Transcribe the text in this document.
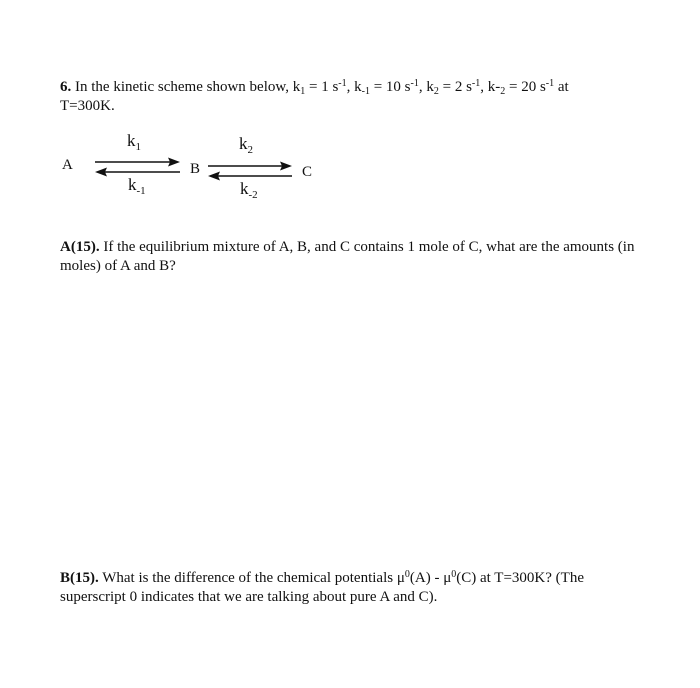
6. In the kinetic scheme shown below, $k_1 = 1$ $s^{-1}$, $k_{-1} = 10$ $s^{-1}$, $k_2 = 2$ $s^{-1}$, $k-_2 = 20$ $s^{-1}$ at
T=300K.

A	B	C
$k_1$
$k_{-1}$
$k_2$
$k_{-2}$

A(15). If the equilibrium mixture of A, B, and C contains 1 mole of C, what are the amounts (in moles) of A and B?

B(15). What is the difference of the chemical potentials $\mu^0(A) - \mu^0(C)$ at T=300K? (The superscript 0 indicates that we are talking about pure A and C).
